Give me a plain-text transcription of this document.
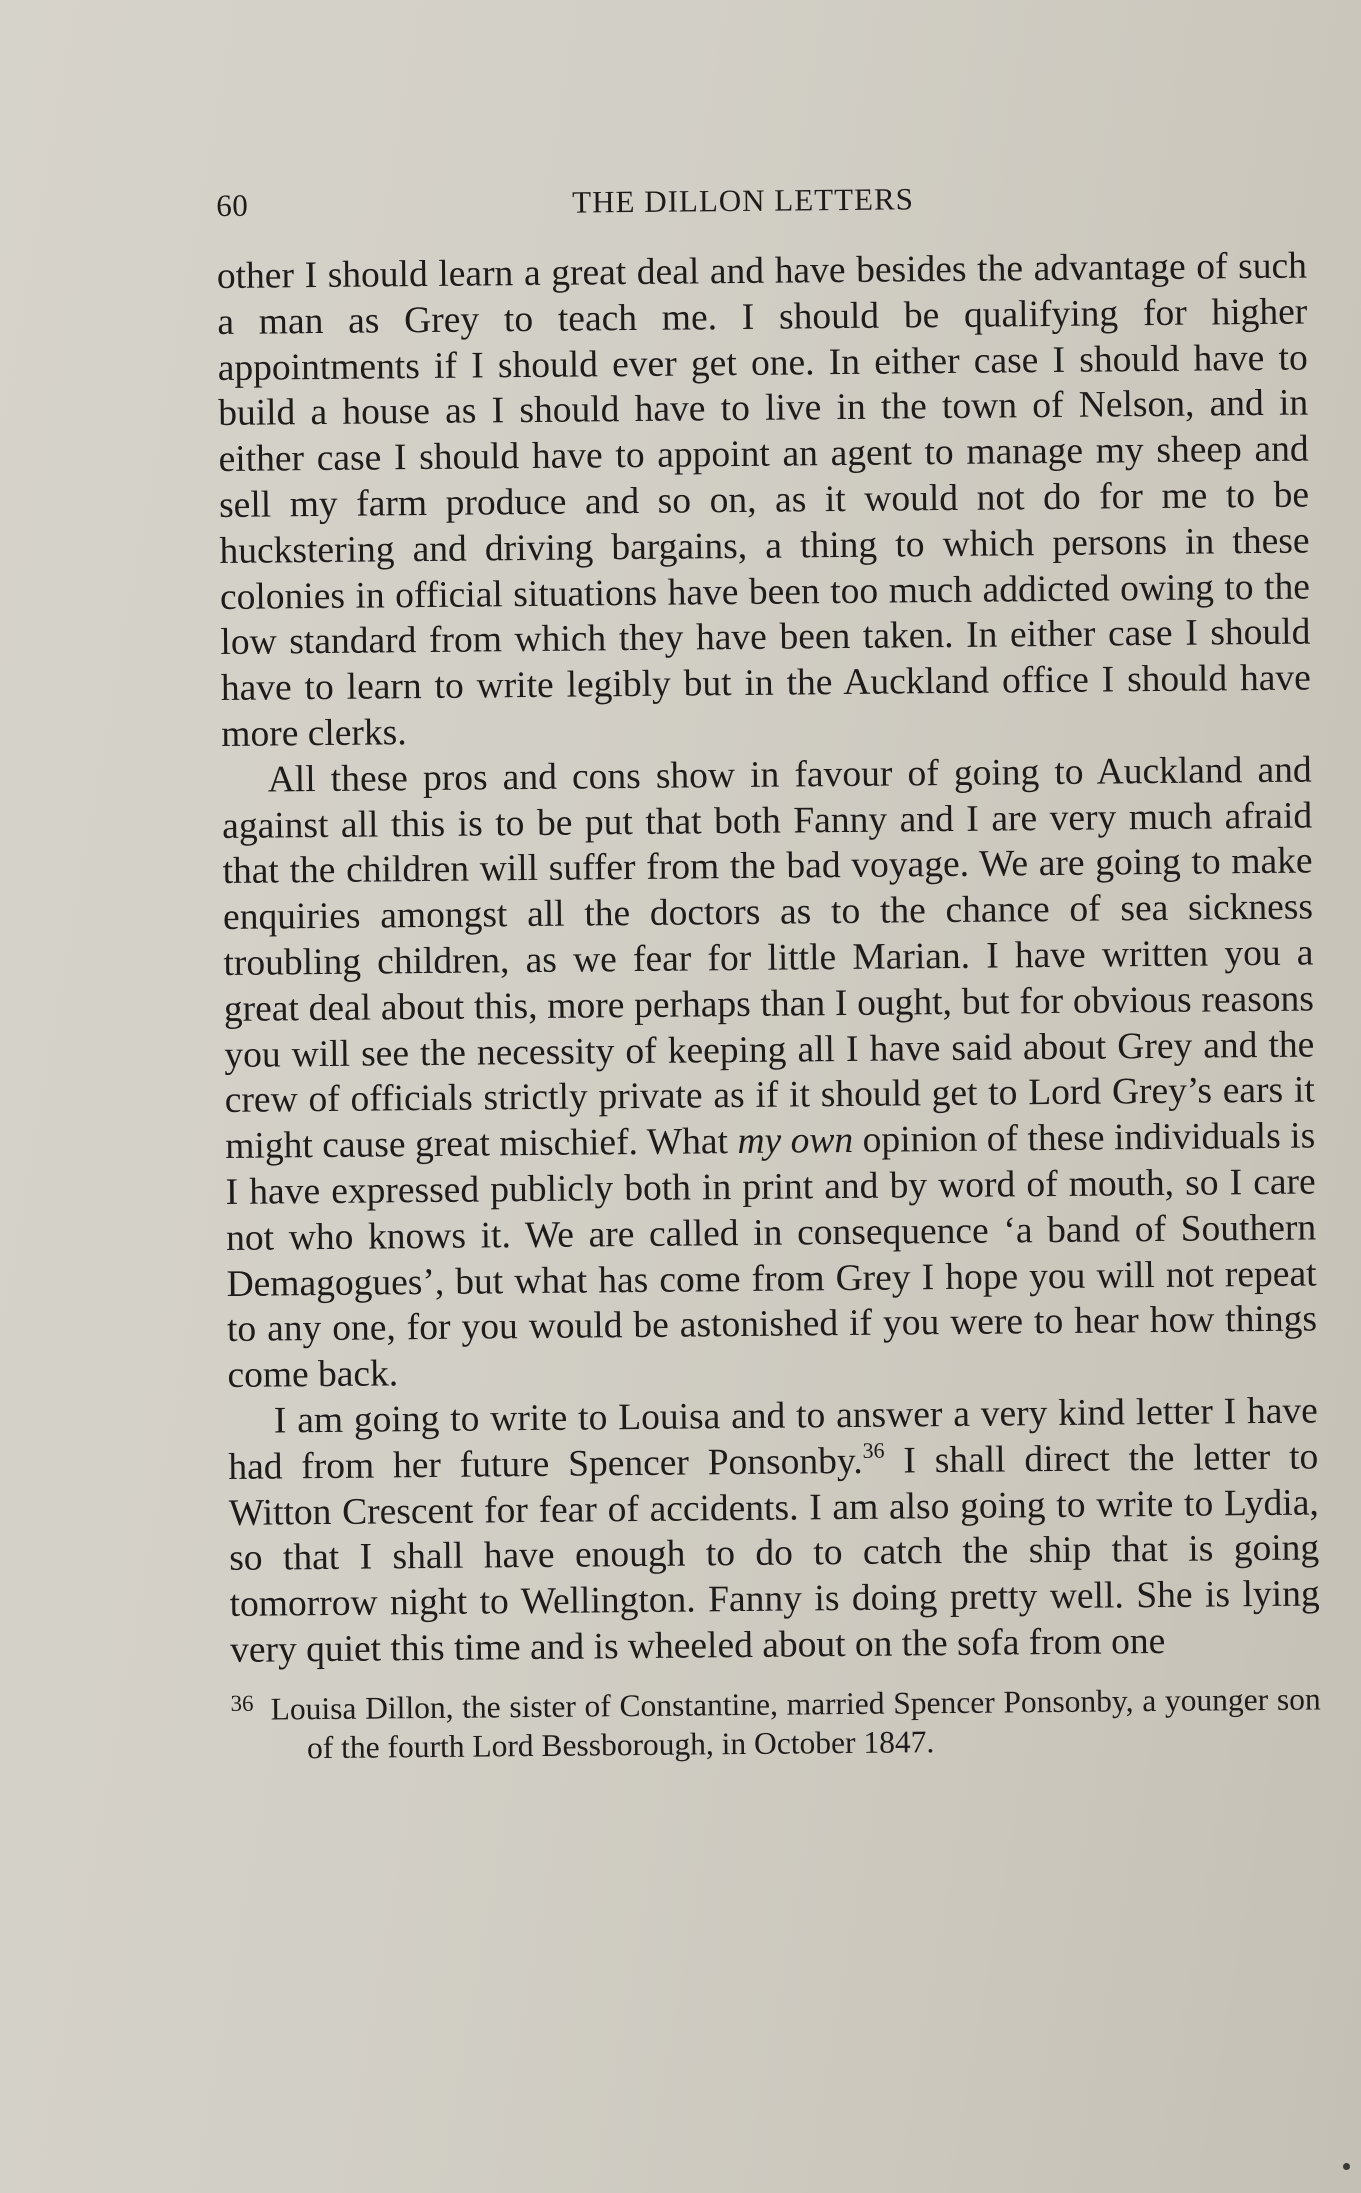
60	THE DILLON LETTERS

other I should learn a great deal and have besides the advantage of such a man as Grey to teach me. I should be qualifying for higher appointments if I should ever get one. In either case I should have to build a house as I should have to live in the town of Nelson, and in either case I should have to appoint an agent to manage my sheep and sell my farm produce and so on, as it would not do for me to be huckstering and driving bargains, a thing to which persons in these colonies in official situations have been too much addicted owing to the low standard from which they have been taken. In either case I should have to learn to write legibly but in the Auckland office I should have more clerks.

All these pros and cons show in favour of going to Auckland and against all this is to be put that both Fanny and I are very much afraid that the children will suffer from the bad voyage. We are going to make enquiries amongst all the doctors as to the chance of sea sickness troubling children, as we fear for little Marian. I have written you a great deal about this, more perhaps than I ought, but for obvious reasons you will see the necessity of keeping all I have said about Grey and the crew of officials strictly private as if it should get to Lord Grey’s ears it might cause great mischief. What my own opinion of these individuals is I have expressed publicly both in print and by word of mouth, so I care not who knows it. We are called in consequence ‘a band of Southern Demagogues’, but what has come from Grey I hope you will not repeat to any one, for you would be astonished if you were to hear how things come back.

I am going to write to Louisa and to answer a very kind letter I have had from her future Spencer Ponsonby.$^{36}$ I shall direct the letter to Witton Crescent for fear of accidents. I am also going to write to Lydia, so that I shall have enough to do to catch the ship that is going tomorrow night to Wellington. Fanny is doing pretty well. She is lying very quiet this time and is wheeled about on the sofa from one

36 Louisa Dillon, the sister of Constantine, married Spencer Ponsonby, a younger son of the fourth Lord Bessborough, in October 1847.
